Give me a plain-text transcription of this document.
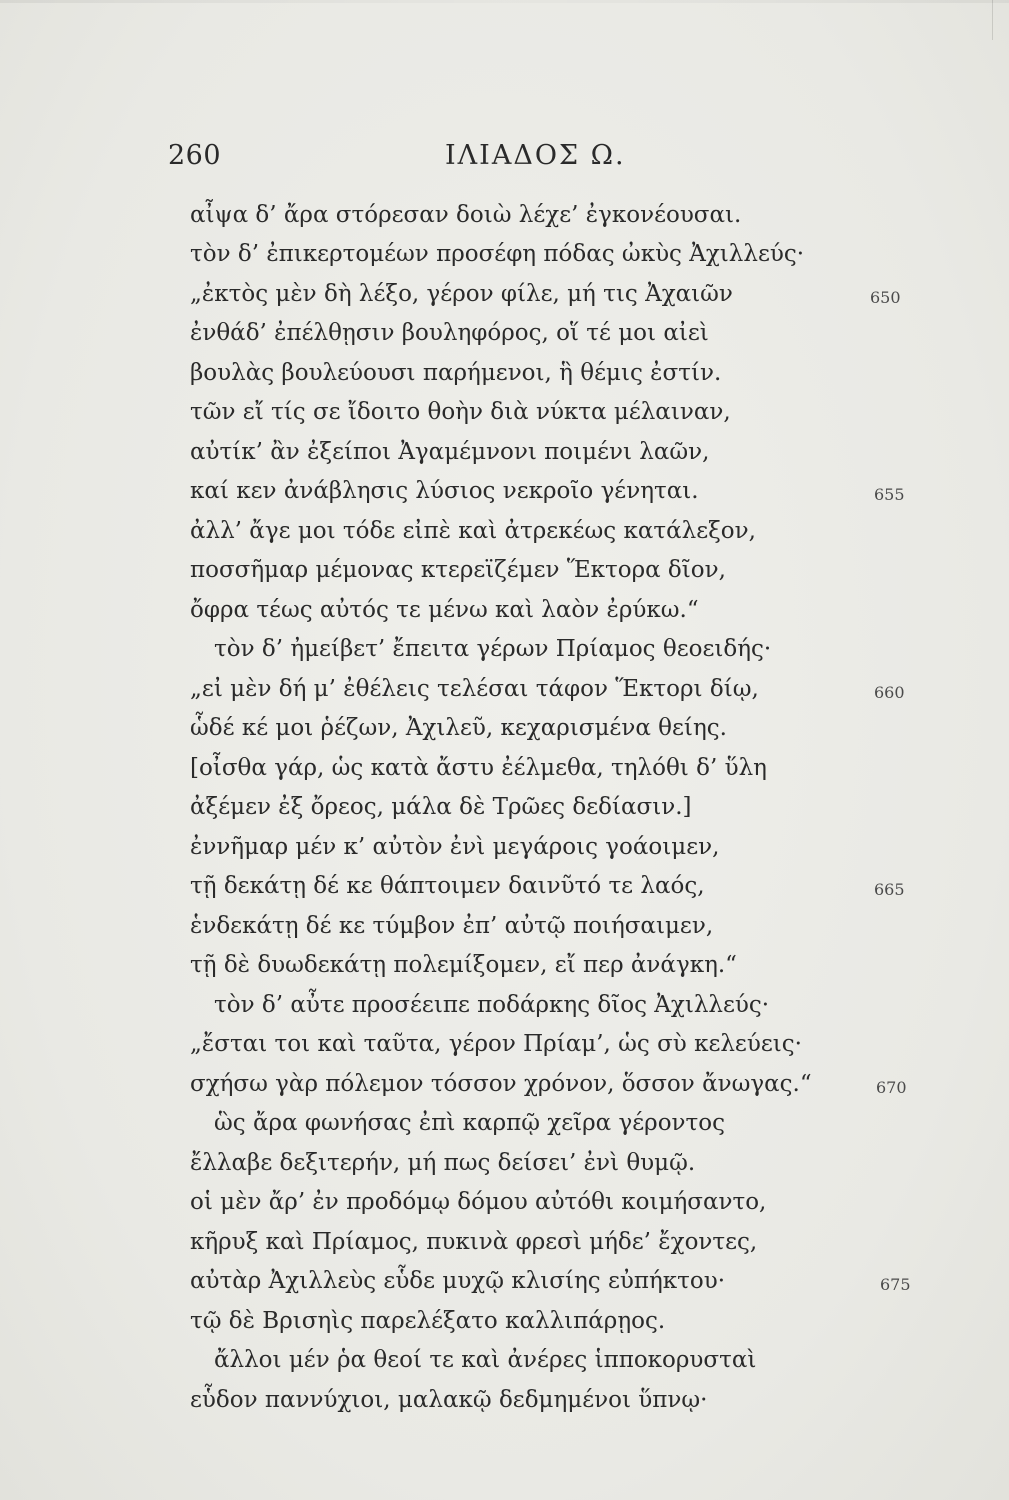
260	ΙΛΙΑΔΟΣ Ω.
αἶψα δ’ ἄρα στόρεσαν δοιὼ λέχε’ ἐγκονέουσαι.
τὸν δ’ ἐπικερτομέων προσέφη πόδας ὠκὺς Ἀχιλλεύς·
„ἐκτὸς μὲν δὴ λέξο, γέρον φίλε, μή τις Ἀχαιῶν
ἐνθάδ’ ἐπέλθῃσιν βουληφόρος, οἵ τέ μοι αἰεὶ
βουλὰς βουλεύουσι παρήμενοι, ἣ θέμις ἐστίν.
τῶν εἴ τίς σε ἴδοιτο θοὴν διὰ νύκτα μέλαιναν,
αὐτίκ’ ἂν ἐξείποι Ἀγαμέμνονι ποιμένι λαῶν,
καί κεν ἀνάβλησις λύσιος νεκροῖο γένηται.
ἀλλ’ ἄγε μοι τόδε εἰπὲ καὶ ἀτρεκέως κατάλεξον,
ποσσῆμαρ μέμονας κτερεϊζέμεν Ἕκτορα δῖον,
ὄφρα τέως αὐτός τε μένω καὶ λαὸν ἐρύκω.“
τὸν δ’ ἠμείβετ’ ἔπειτα γέρων Πρίαμος θεοειδής·
„εἰ μὲν δή μ’ ἐθέλεις τελέσαι τάφον Ἕκτορι δίῳ,
ὧδέ κέ μοι ῥέζων, Ἀχιλεῦ, κεχαρισμένα θείης.
[οἶσθα γάρ, ὡς κατὰ ἄστυ ἐέλμεθα, τηλόθι δ’ ὕλη
ἀξέμεν ἐξ ὄρεος, μάλα δὲ Τρῶες δεδίασιν.]
ἐννῆμαρ μέν κ’ αὐτὸν ἐνὶ μεγάροις γοάοιμεν,
τῇ δεκάτῃ δέ κε θάπτοιμεν δαινῦτό τε λαός,
ἑνδεκάτῃ δέ κε τύμβον ἐπ’ αὐτῷ ποιήσαιμεν,
τῇ δὲ δυωδεκάτῃ πολεμίξομεν, εἴ περ ἀνάγκη.“
τὸν δ’ αὖτε προσέειπε ποδάρκης δῖος Ἀχιλλεύς·
„ἔσται τοι καὶ ταῦτα, γέρον Πρίαμ’, ὡς σὺ κελεύεις·
σχήσω γὰρ πόλεμον τόσσον χρόνον, ὅσσον ἄνωγας.“
ὣς ἄρα φωνήσας ἐπὶ καρπῷ χεῖρα γέροντος
ἔλλαβε δεξιτερήν, μή πως δείσει’ ἐνὶ θυμῷ.
οἱ μὲν ἄρ’ ἐν προδόμῳ δόμου αὐτόθι κοιμήσαντο,
κῆρυξ καὶ Πρίαμος, πυκινὰ φρεσὶ μήδε’ ἔχοντες,
αὐτὰρ Ἀχιλλεὺς εὗδε μυχῷ κλισίης εὐπήκτου·
τῷ δὲ Βρισηὶς παρελέξατο καλλιπάρῃος.
ἄλλοι μέν ῥα θεοί τε καὶ ἀνέρες ἱπποκορυσταὶ
εὗδον παννύχιοι, μαλακῷ δεδμημένοι ὕπνῳ·
650
655
660
665
670
675
